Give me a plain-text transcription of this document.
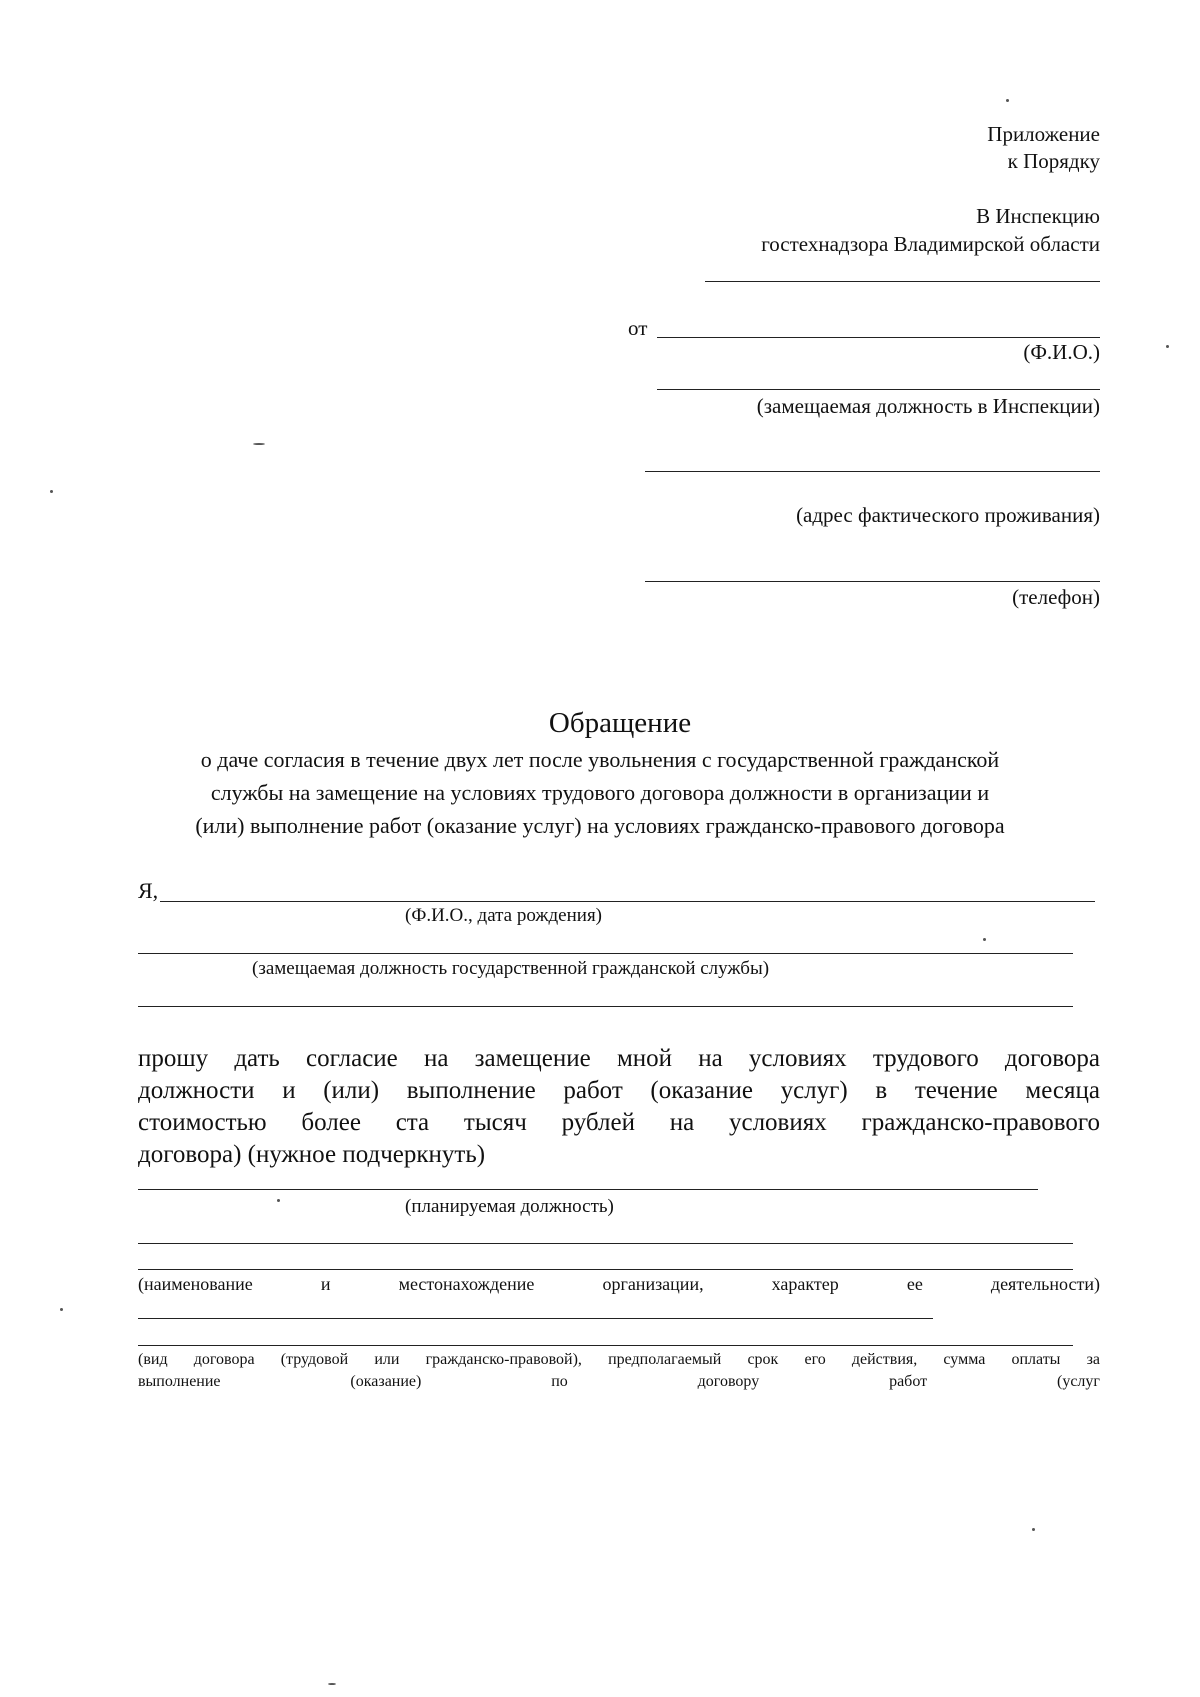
Приложение
к Порядку
В Инспекцию
гостехнадзора Владимирской области
от
(Ф.И.О.)
(замещаемая должность в Инспекции)
(адрес фактического проживания)
(телефон)
Обращение
о даче согласия в течение двух лет после увольнения с государственной гражданской
службы на замещение на условиях трудового договора должности в организации и
(или) выполнение работ (оказание услуг) на условиях гражданско-правового договора
Я,
(Ф.И.О., дата рождения)
(замещаемая должность государственной гражданской службы)
прошу дать согласие на замещение мной на условиях трудового договора
должности и (или) выполнение работ (оказание услуг) в течение месяца
стоимостью более ста тысяч рублей на условиях гражданско-правового
договора) (нужное подчеркнуть)
(планируемая должность)
(наименование	и	местонахождение	организации,	характер	ее	деятельности)
(вид договора (трудовой или гражданско-правовой), предполагаемый срок его действия, сумма оплаты за
выполнение	(оказание)	по	договору	работ	(услуг
